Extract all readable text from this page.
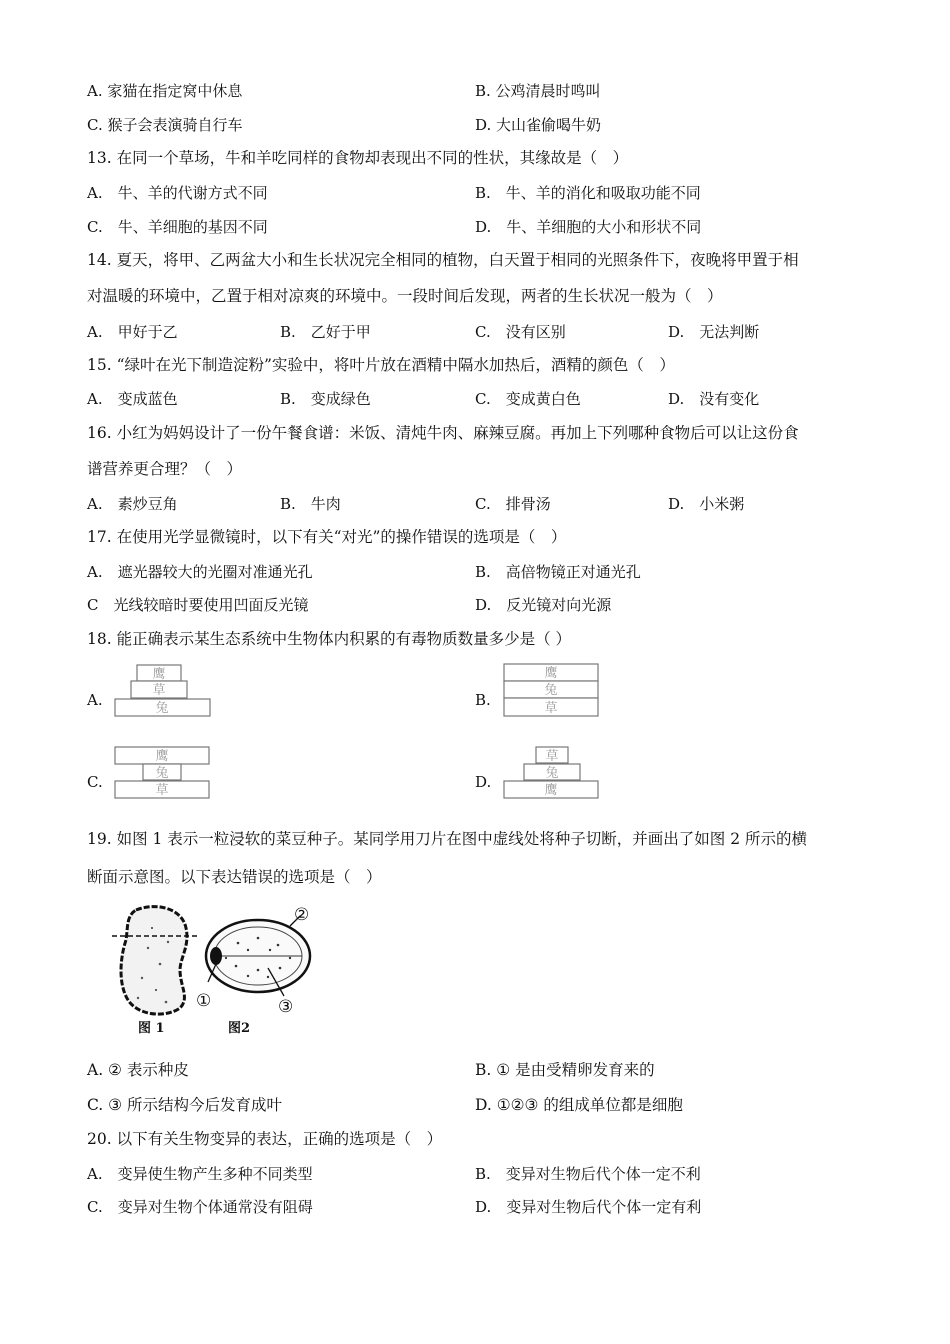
A. 家猫在指定窝中休息	B. 公鸡清晨时鸣叫
C. 猴子会表演骑自行车	D. 大山雀偷喝牛奶
13. 在同一个草场，牛和羊吃同样的食物却表现出不同的性状，其缘故是（　）
A.　牛、羊的代谢方式不同	B.　牛、羊的消化和吸取功能不同
C.　牛、羊细胞的基因不同	D.　牛、羊细胞的大小和形状不同
14. 夏天，将甲、乙两盆大小和生长状况完全相同的植物，白天置于相同的光照条件下，夜晚将甲置于相
对温暖的环境中，乙置于相对凉爽的环境中。一段时间后发现，两者的生长状况一般为（　）
A.　甲好于乙	B.　乙好于甲	C.　没有区别	D.　无法判断
15. “绿叶在光下制造淀粉”实验中，将叶片放在酒精中隔水加热后，酒精的颜色（　）
A.　变成蓝色	B.　变成绿色	C.　变成黄白色	D.　没有变化
16. 小红为妈妈设计了一份午餐食谱：米饭、清炖牛肉、麻辣豆腐。再加上下列哪种食物后可以让这份食
谱营养更合理？（　）
A.　素炒豆角	B.　牛肉	C.　排骨汤	D.　小米粥
17. 在使用光学显微镜时，以下有关“对光”的操作错误的选项是（　）
A.　遮光器较大的光圈对准通光孔	B.　高倍物镜正对通光孔
C　光线较暗时要使用凹面反光镜	D.　反光镜对向光源
18. 能正确表示某生态系统中生物体内积累的有毒物质数量多少是（ ）
A.
鹰
草
兔	B.
鹰
兔
草
C.
鹰
兔
草	D.
草
兔
鹰
19. 如图 1 表示一粒浸软的菜豆种子。某同学用刀片在图中虚线处将种子切断，并画出了如图 2 所示的横
断面示意图。以下表达错误的选项是（　）
②
①	③
图 1	图2
A. ② 表示种皮	B. ① 是由受精卵发育来的
C. ③ 所示结构今后发育成叶	D. ①②③ 的组成单位都是细胞
20. 以下有关生物变异的表达，正确的选项是（　）
A.　变异使生物产生多种不同类型	B.　变异对生物后代个体一定不利
C.　变异对生物个体通常没有阻碍	D.　变异对生物后代个体一定有利
